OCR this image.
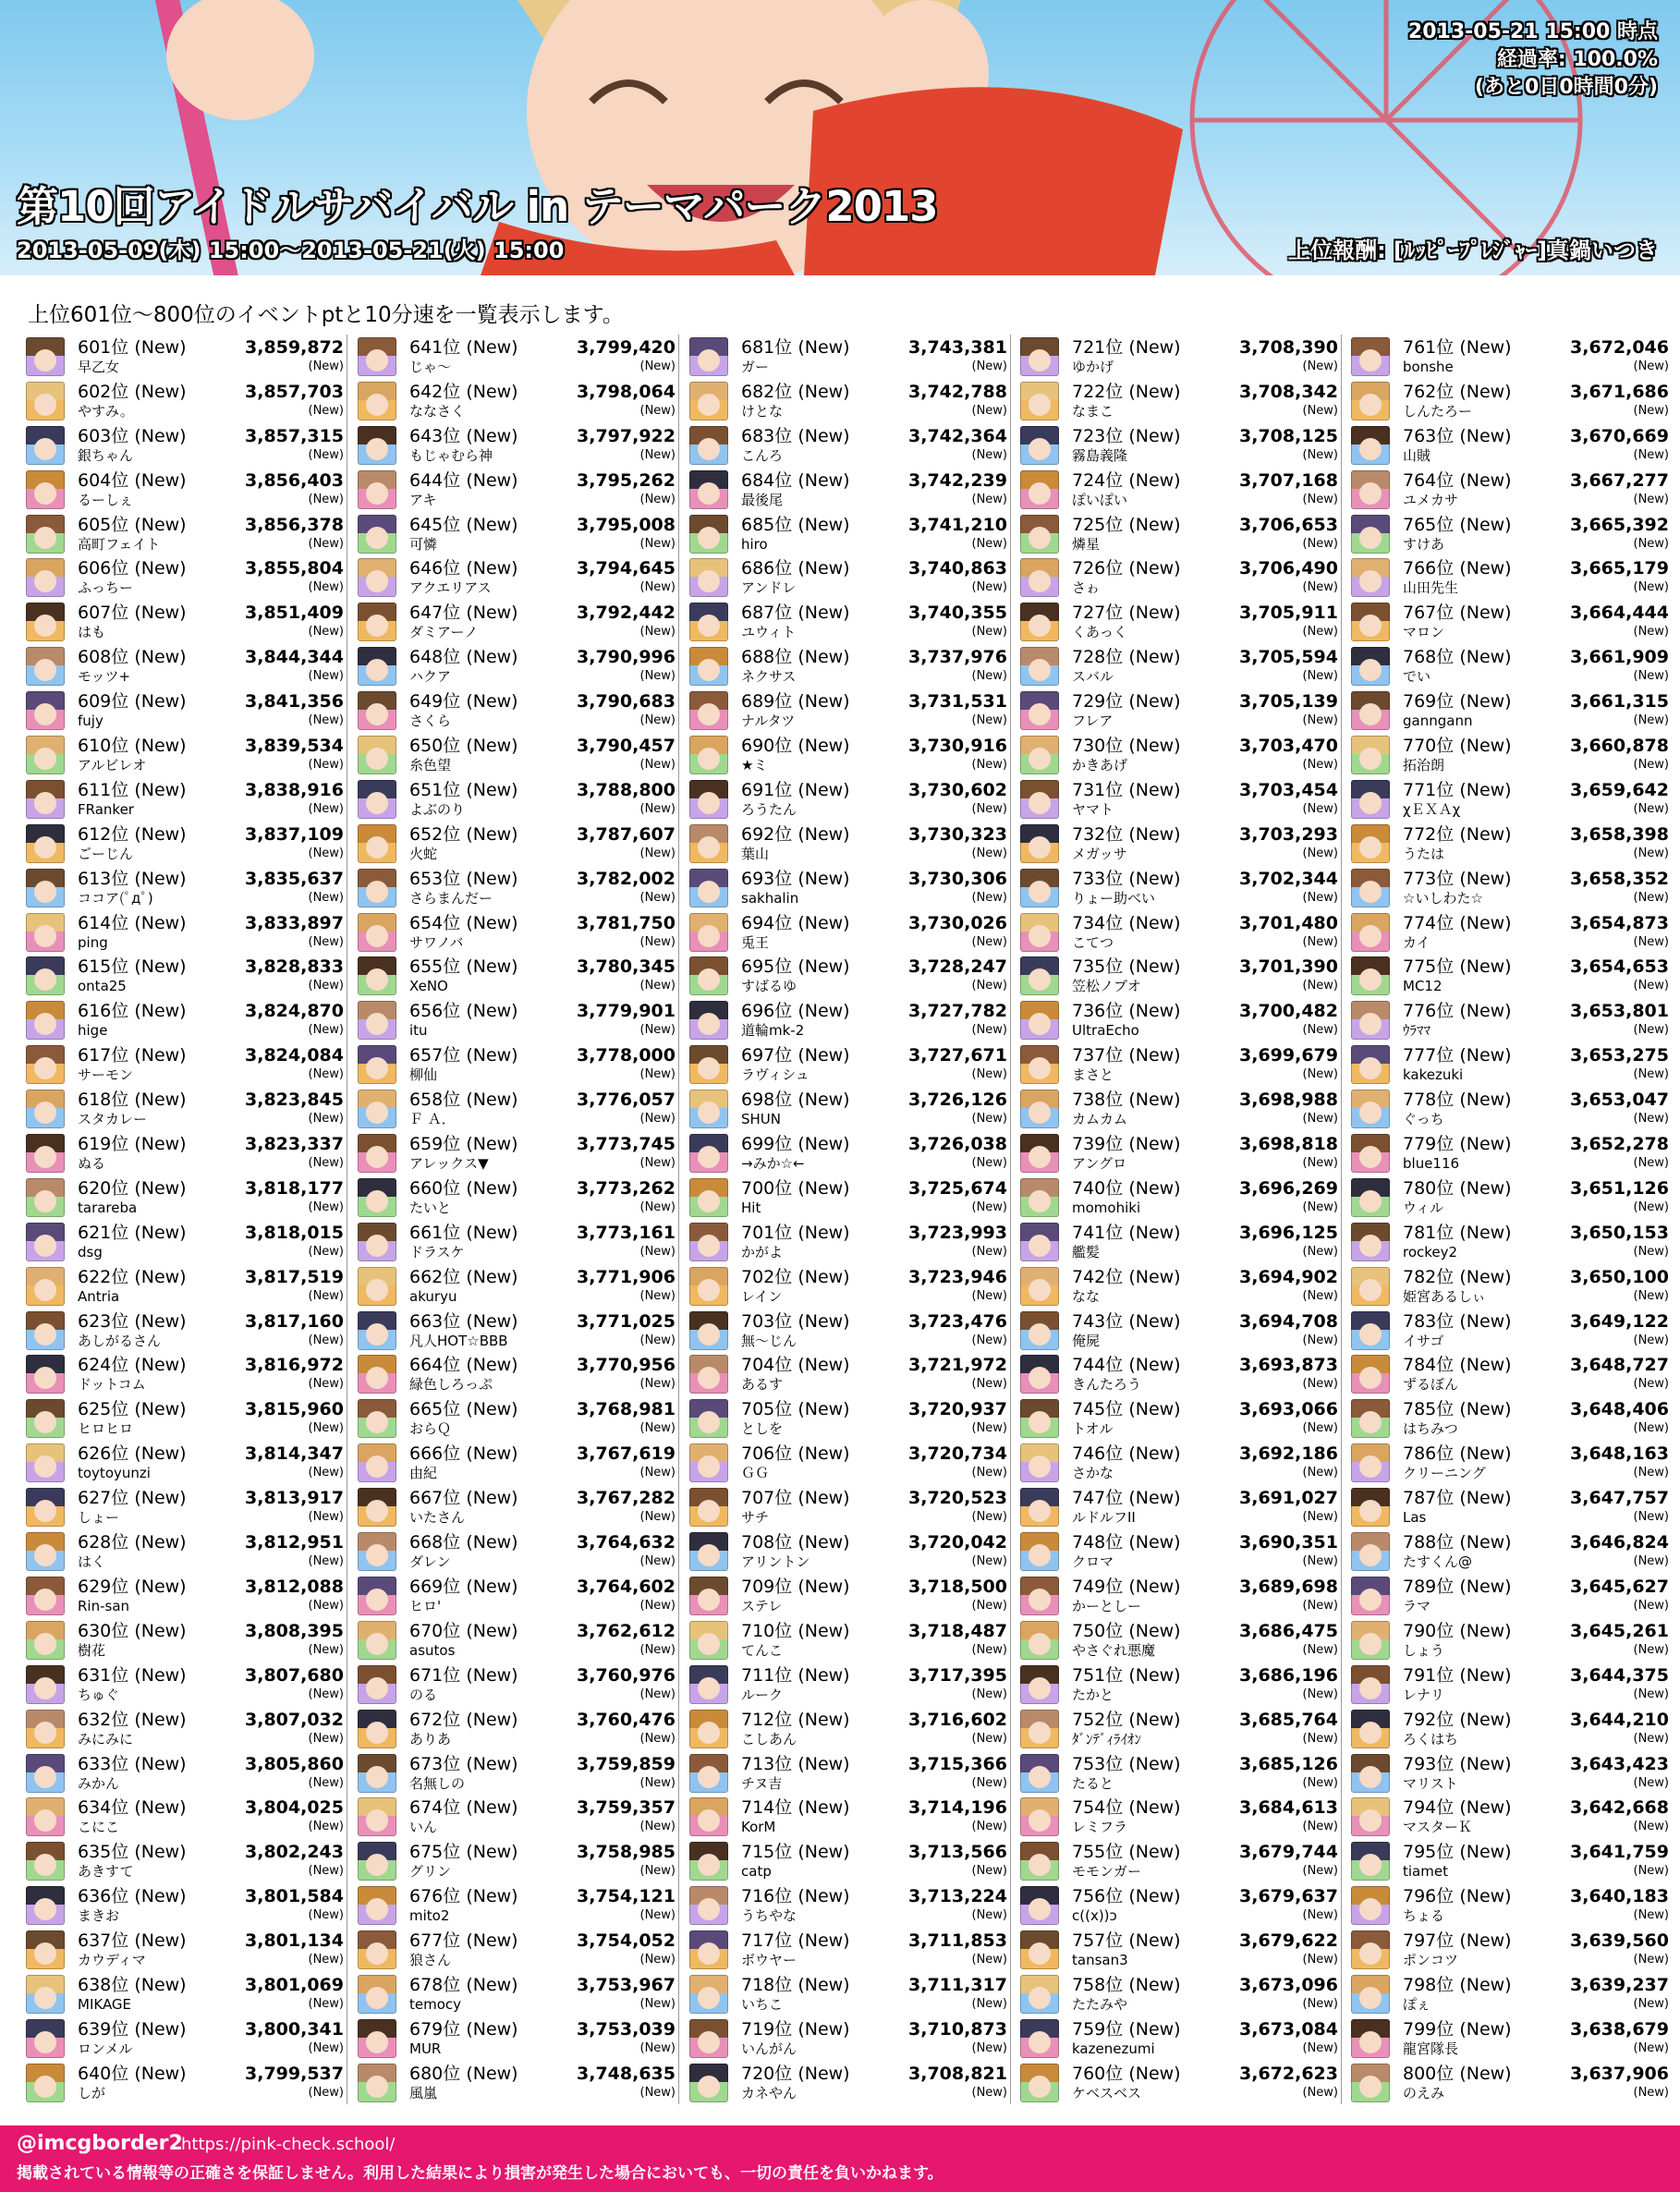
2013-05-21 15:00 時点
経過率: 100.0%
(あと0日0時間0分)
第10回アイドルサバイバル in テーマパーク2013
2013-05-09(木) 15:00～2013-05-21(火) 15:00	上位報酬: [ﾙｯﾋﾟｰﾌﾟﾚｼﾞｬｰ]真鍋いつき
上位601位～800位のイベントptと10分速を一覧表示します。
601位 (New)	3,859,872
早乙女	(New)
602位 (New)	3,857,703
やすみ。	(New)
603位 (New)	3,857,315
銀ちゃん	(New)
604位 (New)	3,856,403
るーしぇ	(New)
605位 (New)	3,856,378
高町フェイト	(New)
606位 (New)	3,855,804
ふっちー	(New)
607位 (New)	3,851,409
はも	(New)
608位 (New)	3,844,344
モッツ+	(New)
609位 (New)	3,841,356
fujy	(New)
610位 (New)	3,839,534
アルビレオ	(New)
611位 (New)	3,838,916
FRanker	(New)
612位 (New)	3,837,109
ごーじん	(New)
613位 (New)	3,835,637
ココア(ﾟдﾟ)	(New)
614位 (New)	3,833,897
ping	(New)
615位 (New)	3,828,833
onta25	(New)
616位 (New)	3,824,870
hige	(New)
617位 (New)	3,824,084
サーモン	(New)
618位 (New)	3,823,845
スタカレー	(New)
619位 (New)	3,823,337
ぬる	(New)
620位 (New)	3,818,177
tarareba	(New)
621位 (New)	3,818,015
dsg	(New)
622位 (New)	3,817,519
Antria	(New)
623位 (New)	3,817,160
あしがるさん	(New)
624位 (New)	3,816,972
ドットコム	(New)
625位 (New)	3,815,960
ヒロヒロ	(New)
626位 (New)	3,814,347
toytoyunzi	(New)
627位 (New)	3,813,917
しょー	(New)
628位 (New)	3,812,951
はく	(New)
629位 (New)	3,812,088
Rin-san	(New)
630位 (New)	3,808,395
樹花	(New)
631位 (New)	3,807,680
ちゅぐ	(New)
632位 (New)	3,807,032
みにみに	(New)
633位 (New)	3,805,860
みかん	(New)
634位 (New)	3,804,025
こにこ	(New)
635位 (New)	3,802,243
あきすて	(New)
636位 (New)	3,801,584
まきお	(New)
637位 (New)	3,801,134
カウディマ	(New)
638位 (New)	3,801,069
MIKAGE	(New)
639位 (New)	3,800,341
ロンメル	(New)
640位 (New)	3,799,537
しが	(New)
641位 (New)	3,799,420
じゃ～	(New)
642位 (New)	3,798,064
ななさく	(New)
643位 (New)	3,797,922
もじゃむら神	(New)
644位 (New)	3,795,262
アキ	(New)
645位 (New)	3,795,008
可憐	(New)
646位 (New)	3,794,645
アクエリアス	(New)
647位 (New)	3,792,442
ダミアーノ	(New)
648位 (New)	3,790,996
ハクア	(New)
649位 (New)	3,790,683
さくら	(New)
650位 (New)	3,790,457
糸色望	(New)
651位 (New)	3,788,800
よぶのり	(New)
652位 (New)	3,787,607
火蛇	(New)
653位 (New)	3,782,002
さらまんだー	(New)
654位 (New)	3,781,750
サワノバ	(New)
655位 (New)	3,780,345
XeNO	(New)
656位 (New)	3,779,901
itu	(New)
657位 (New)	3,778,000
柳仙	(New)
658位 (New)	3,776,057
Ｆ Ａ．	(New)
659位 (New)	3,773,745
アレックス▼	(New)
660位 (New)	3,773,262
たいと	(New)
661位 (New)	3,773,161
ドラスケ	(New)
662位 (New)	3,771,906
akuryu	(New)
663位 (New)	3,771,025
凡人HOT☆BBB	(New)
664位 (New)	3,770,956
緑色しろっぷ	(New)
665位 (New)	3,768,981
おらＱ	(New)
666位 (New)	3,767,619
由紀	(New)
667位 (New)	3,767,282
いたさん	(New)
668位 (New)	3,764,632
ダレン	(New)
669位 (New)	3,764,602
ヒロ'	(New)
670位 (New)	3,762,612
asutos	(New)
671位 (New)	3,760,976
のる	(New)
672位 (New)	3,760,476
ありあ	(New)
673位 (New)	3,759,859
名無しの	(New)
674位 (New)	3,759,357
いん	(New)
675位 (New)	3,758,985
グリン	(New)
676位 (New)	3,754,121
mito2	(New)
677位 (New)	3,754,052
狼さん	(New)
678位 (New)	3,753,967
temocy	(New)
679位 (New)	3,753,039
MUR	(New)
680位 (New)	3,748,635
風嵐	(New)
681位 (New)	3,743,381
ガー	(New)
682位 (New)	3,742,788
けとな	(New)
683位 (New)	3,742,364
こんろ	(New)
684位 (New)	3,742,239
最後尾	(New)
685位 (New)	3,741,210
hiro	(New)
686位 (New)	3,740,863
アンドレ	(New)
687位 (New)	3,740,355
ユウィト	(New)
688位 (New)	3,737,976
ネクサス	(New)
689位 (New)	3,731,531
ナルタツ	(New)
690位 (New)	3,730,916
★ミ	(New)
691位 (New)	3,730,602
ろうたん	(New)
692位 (New)	3,730,323
葉山	(New)
693位 (New)	3,730,306
sakhalin	(New)
694位 (New)	3,730,026
兎王	(New)
695位 (New)	3,728,247
すばるゆ	(New)
696位 (New)	3,727,782
道輪mk-2	(New)
697位 (New)	3,727,671
ラヴィシュ	(New)
698位 (New)	3,726,126
SHUN	(New)
699位 (New)	3,726,038
→みか☆←	(New)
700位 (New)	3,725,674
Hit	(New)
701位 (New)	3,723,993
かがよ	(New)
702位 (New)	3,723,946
レイン	(New)
703位 (New)	3,723,476
無～じん	(New)
704位 (New)	3,721,972
あるす	(New)
705位 (New)	3,720,937
としを	(New)
706位 (New)	3,720,734
ＧＧ	(New)
707位 (New)	3,720,523
サチ	(New)
708位 (New)	3,720,042
アリントン	(New)
709位 (New)	3,718,500
ステレ	(New)
710位 (New)	3,718,487
てんこ	(New)
711位 (New)	3,717,395
ルーク	(New)
712位 (New)	3,716,602
こしあん	(New)
713位 (New)	3,715,366
チヌ吉	(New)
714位 (New)	3,714,196
KorM	(New)
715位 (New)	3,713,566
catp	(New)
716位 (New)	3,713,224
うちやな	(New)
717位 (New)	3,711,853
ボウヤー	(New)
718位 (New)	3,711,317
いちこ	(New)
719位 (New)	3,710,873
いんがん	(New)
720位 (New)	3,708,821
カネやん	(New)
721位 (New)	3,708,390
ゆかげ	(New)
722位 (New)	3,708,342
なまこ	(New)
723位 (New)	3,708,125
霧島義隆	(New)
724位 (New)	3,707,168
ぽいぽい	(New)
725位 (New)	3,706,653
燐星	(New)
726位 (New)	3,706,490
さゎ	(New)
727位 (New)	3,705,911
くあっく	(New)
728位 (New)	3,705,594
スバル	(New)
729位 (New)	3,705,139
フレア	(New)
730位 (New)	3,703,470
かきあげ	(New)
731位 (New)	3,703,454
ヤマト	(New)
732位 (New)	3,703,293
メガッサ	(New)
733位 (New)	3,702,344
りょー助べい	(New)
734位 (New)	3,701,480
こてつ	(New)
735位 (New)	3,701,390
笠松ノブオ	(New)
736位 (New)	3,700,482
UltraEcho	(New)
737位 (New)	3,699,679
まさと	(New)
738位 (New)	3,698,988
カムカム	(New)
739位 (New)	3,698,818
アングロ	(New)
740位 (New)	3,696,269
momohiki	(New)
741位 (New)	3,696,125
艦髪	(New)
742位 (New)	3,694,902
なな	(New)
743位 (New)	3,694,708
俺屍	(New)
744位 (New)	3,693,873
きんたろう	(New)
745位 (New)	3,693,066
トオル	(New)
746位 (New)	3,692,186
さかな	(New)
747位 (New)	3,691,027
ルドルフII	(New)
748位 (New)	3,690,351
クロマ	(New)
749位 (New)	3,689,698
かーとしー	(New)
750位 (New)	3,686,475
やさぐれ悪魔	(New)
751位 (New)	3,686,196
たかと	(New)
752位 (New)	3,685,764
ﾀﾞﾝﾃﾞｨﾗｲｵﾝ	(New)
753位 (New)	3,685,126
たると	(New)
754位 (New)	3,684,613
レミフラ	(New)
755位 (New)	3,679,744
モモンガー	(New)
756位 (New)	3,679,637
c((x))ɔ	(New)
757位 (New)	3,679,622
tansan3	(New)
758位 (New)	3,673,096
たたみや	(New)
759位 (New)	3,673,084
kazenezumi	(New)
760位 (New)	3,672,623
ケベスベス	(New)
761位 (New)	3,672,046
bonshe	(New)
762位 (New)	3,671,686
しんたろー	(New)
763位 (New)	3,670,669
山賊	(New)
764位 (New)	3,667,277
ユメカサ	(New)
765位 (New)	3,665,392
すけあ	(New)
766位 (New)	3,665,179
山田先生	(New)
767位 (New)	3,664,444
マロン	(New)
768位 (New)	3,661,909
でい	(New)
769位 (New)	3,661,315
ganngann	(New)
770位 (New)	3,660,878
拓治朗	(New)
771位 (New)	3,659,642
χＥＸＡχ	(New)
772位 (New)	3,658,398
うたは	(New)
773位 (New)	3,658,352
☆いしわた☆	(New)
774位 (New)	3,654,873
カイ	(New)
775位 (New)	3,654,653
MC12	(New)
776位 (New)	3,653,801
ｳﾗﾏﾏ	(New)
777位 (New)	3,653,275
kakezuki	(New)
778位 (New)	3,653,047
ぐっち	(New)
779位 (New)	3,652,278
blue116	(New)
780位 (New)	3,651,126
ウィル	(New)
781位 (New)	3,650,153
rockey2	(New)
782位 (New)	3,650,100
姫宮あるしぃ	(New)
783位 (New)	3,649,122
イサゴ	(New)
784位 (New)	3,648,727
ずるぼん	(New)
785位 (New)	3,648,406
はちみつ	(New)
786位 (New)	3,648,163
クリーニング	(New)
787位 (New)	3,647,757
Las	(New)
788位 (New)	3,646,824
たすくん@	(New)
789位 (New)	3,645,627
ラマ	(New)
790位 (New)	3,645,261
しょう	(New)
791位 (New)	3,644,375
レナリ	(New)
792位 (New)	3,644,210
ろくはち	(New)
793位 (New)	3,643,423
マリスト	(New)
794位 (New)	3,642,668
マスターＫ	(New)
795位 (New)	3,641,759
tiamet	(New)
796位 (New)	3,640,183
ちょる	(New)
797位 (New)	3,639,560
ポンコツ	(New)
798位 (New)	3,639,237
ぽぇ	(New)
799位 (New)	3,638,679
龍宮隊長	(New)
800位 (New)	3,637,906
のえみ	(New)
@imcgborder2
https://pink-check.school/
掲載されている情報等の正確さを保証しません。利用した結果により損害が発生した場合においても、一切の責任を負いかねます。
